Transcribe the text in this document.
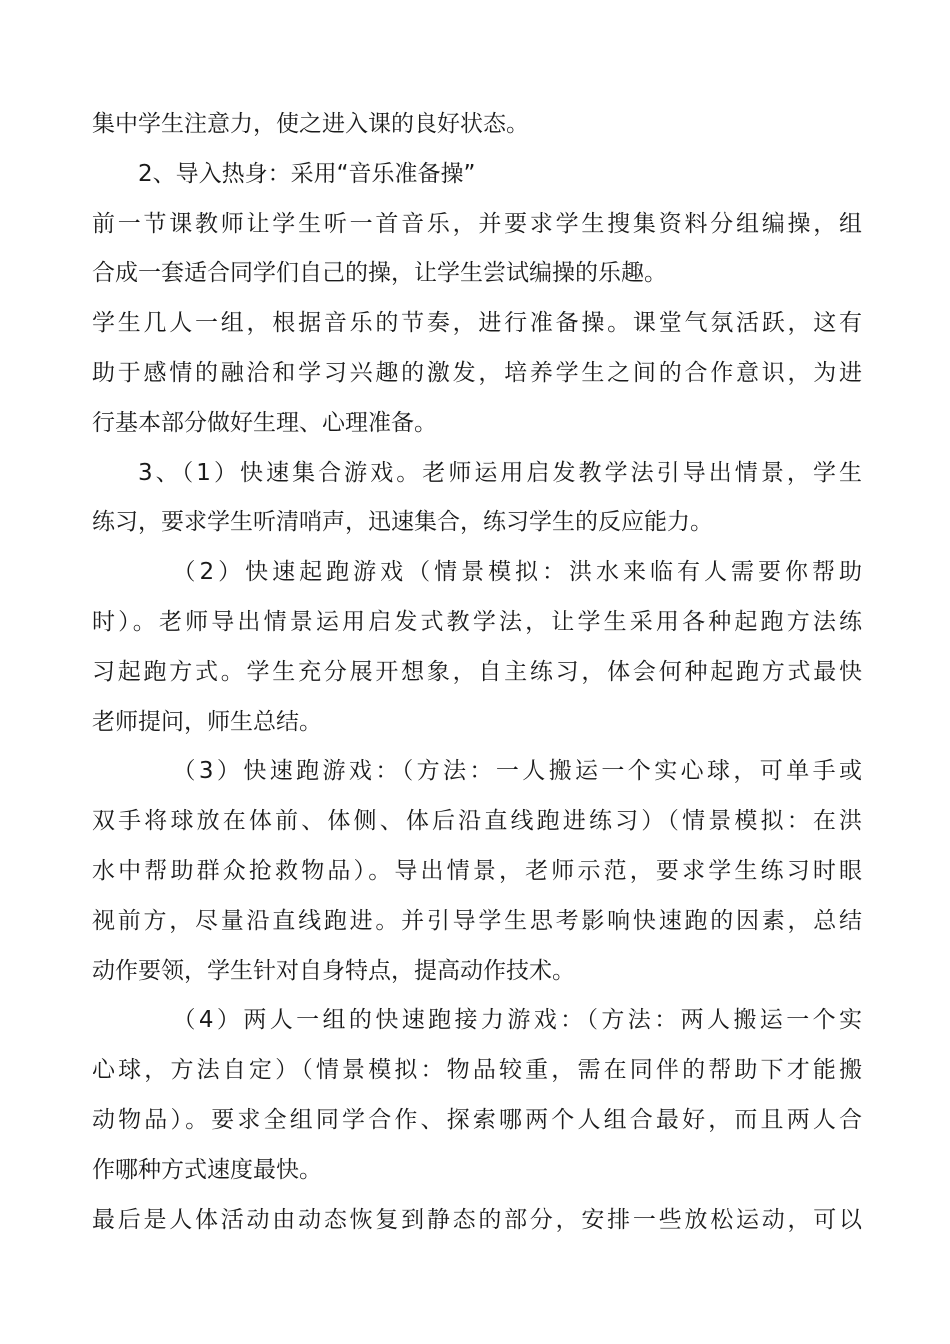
集中学生注意力，使之进入课的良好状态。
2、导入热身：采用“音乐准备操”
前一节课教师让学生听一首音乐，并要求学生搜集资料分组编操，组
合成一套适合同学们自己的操，让学生尝试编操的乐趣。
学生几人一组，根据音乐的节奏，进行准备操。课堂气氛活跃，这有
助于感情的融洽和学习兴趣的激发，培养学生之间的合作意识，为进
行基本部分做好生理、心理准备。
3、（1）快速集合游戏。老师运用启发教学法引导出情景，学生
练习，要求学生听清哨声，迅速集合，练习学生的反应能力。
（2）快速起跑游戏（情景模拟：洪水来临有人需要你帮助
时）。老师导出情景运用启发式教学法，让学生采用各种起跑方法练
习起跑方式。学生充分展开想象，自主练习，体会何种起跑方式最快
老师提问，师生总结。
（3）快速跑游戏：（方法：一人搬运一个实心球，可单手或
双手将球放在体前、体侧、体后沿直线跑进练习）（情景模拟：在洪
水中帮助群众抢救物品）。导出情景，老师示范，要求学生练习时眼
视前方，尽量沿直线跑进。并引导学生思考影响快速跑的因素，总结
动作要领，学生针对自身特点，提高动作技术。
（4）两人一组的快速跑接力游戏：（方法：两人搬运一个实
心球，方法自定）（情景模拟：物品较重，需在同伴的帮助下才能搬
动物品）。要求全组同学合作、探索哪两个人组合最好，而且两人合
作哪种方式速度最快。
最后是人体活动由动态恢复到静态的部分，安排一些放松运动，可以
